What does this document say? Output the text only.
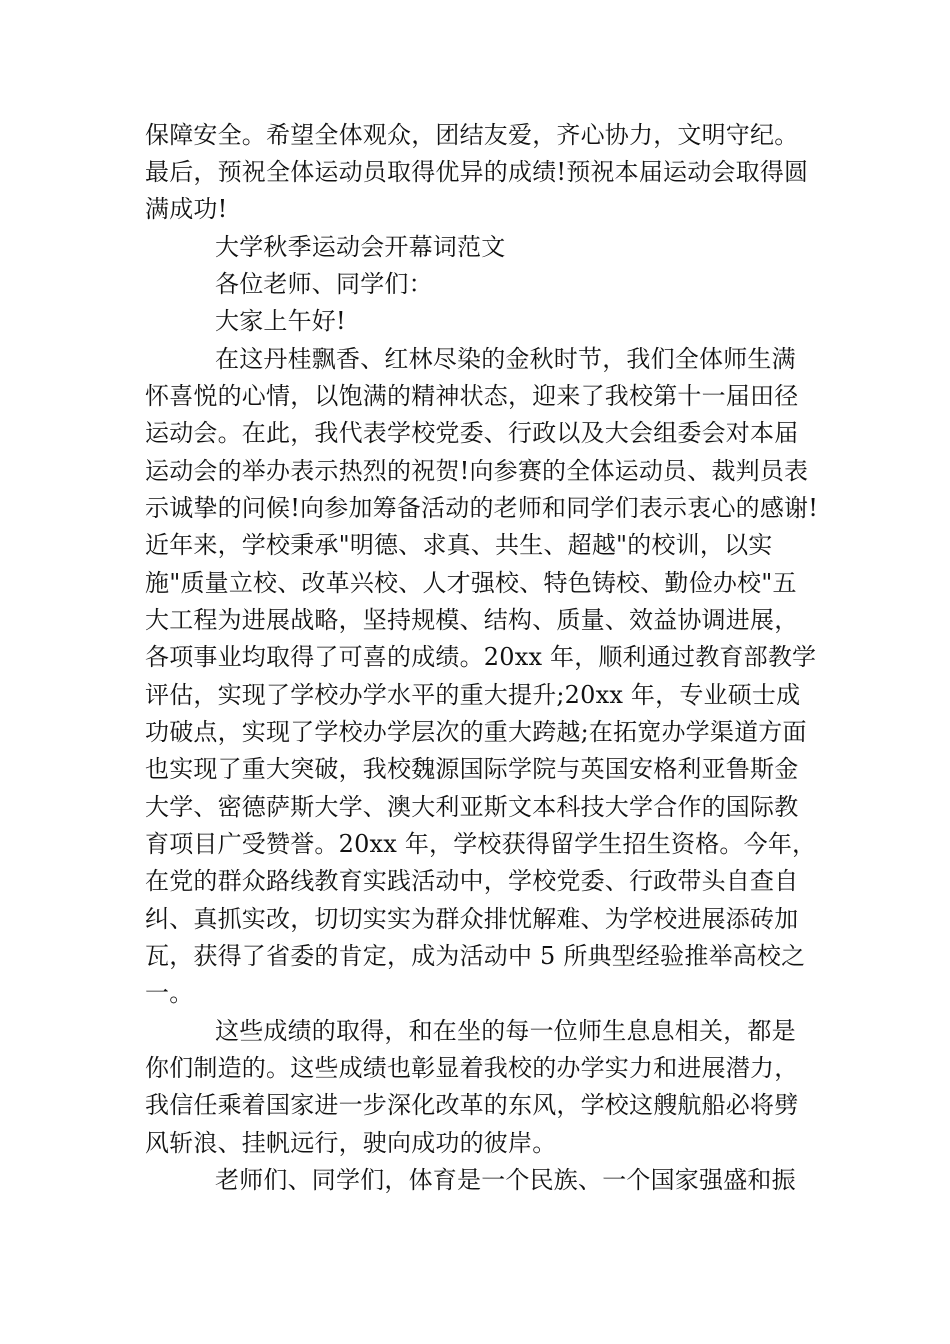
保障安全。希望全体观众，团结友爱，齐心协力，文明守纪。
最后，预祝全体运动员取得优异的成绩!预祝本届运动会取得圆
满成功!
大学秋季运动会开幕词范文
各位老师、同学们：
大家上午好!
在这丹桂飘香、红林尽染的金秋时节，我们全体师生满
怀喜悦的心情，以饱满的精神状态，迎来了我校第十一届田径
运动会。在此，我代表学校党委、行政以及大会组委会对本届
运动会的举办表示热烈的祝贺!向参赛的全体运动员、裁判员表
示诚挚的问候!向参加筹备活动的老师和同学们表示衷心的感谢!
近年来，学校秉承"明德、求真、共生、超越"的校训，以实
施"质量立校、改革兴校、人才强校、特色铸校、勤俭办校"五
大工程为进展战略，坚持规模、结构、质量、效益协调进展，
各项事业均取得了可喜的成绩。20xx 年，顺利通过教育部教学
评估，实现了学校办学水平的重大提升;20xx 年，专业硕士成
功破点，实现了学校办学层次的重大跨越;在拓宽办学渠道方面
也实现了重大突破，我校魏源国际学院与英国安格利亚鲁斯金
大学、密德萨斯大学、澳大利亚斯文本科技大学合作的国际教
育项目广受赞誉。20xx 年，学校获得留学生招生资格。今年，
在党的群众路线教育实践活动中，学校党委、行政带头自查自
纠、真抓实改，切切实实为群众排忧解难、为学校进展添砖加
瓦，获得了省委的肯定，成为活动中 5 所典型经验推举高校之
一。
这些成绩的取得，和在坐的每一位师生息息相关，都是
你们制造的。这些成绩也彰显着我校的办学实力和进展潜力，
我信任乘着国家进一步深化改革的东风，学校这艘航船必将劈
风斩浪、挂帆远行，驶向成功的彼岸。
老师们、同学们，体育是一个民族、一个国家强盛和振
